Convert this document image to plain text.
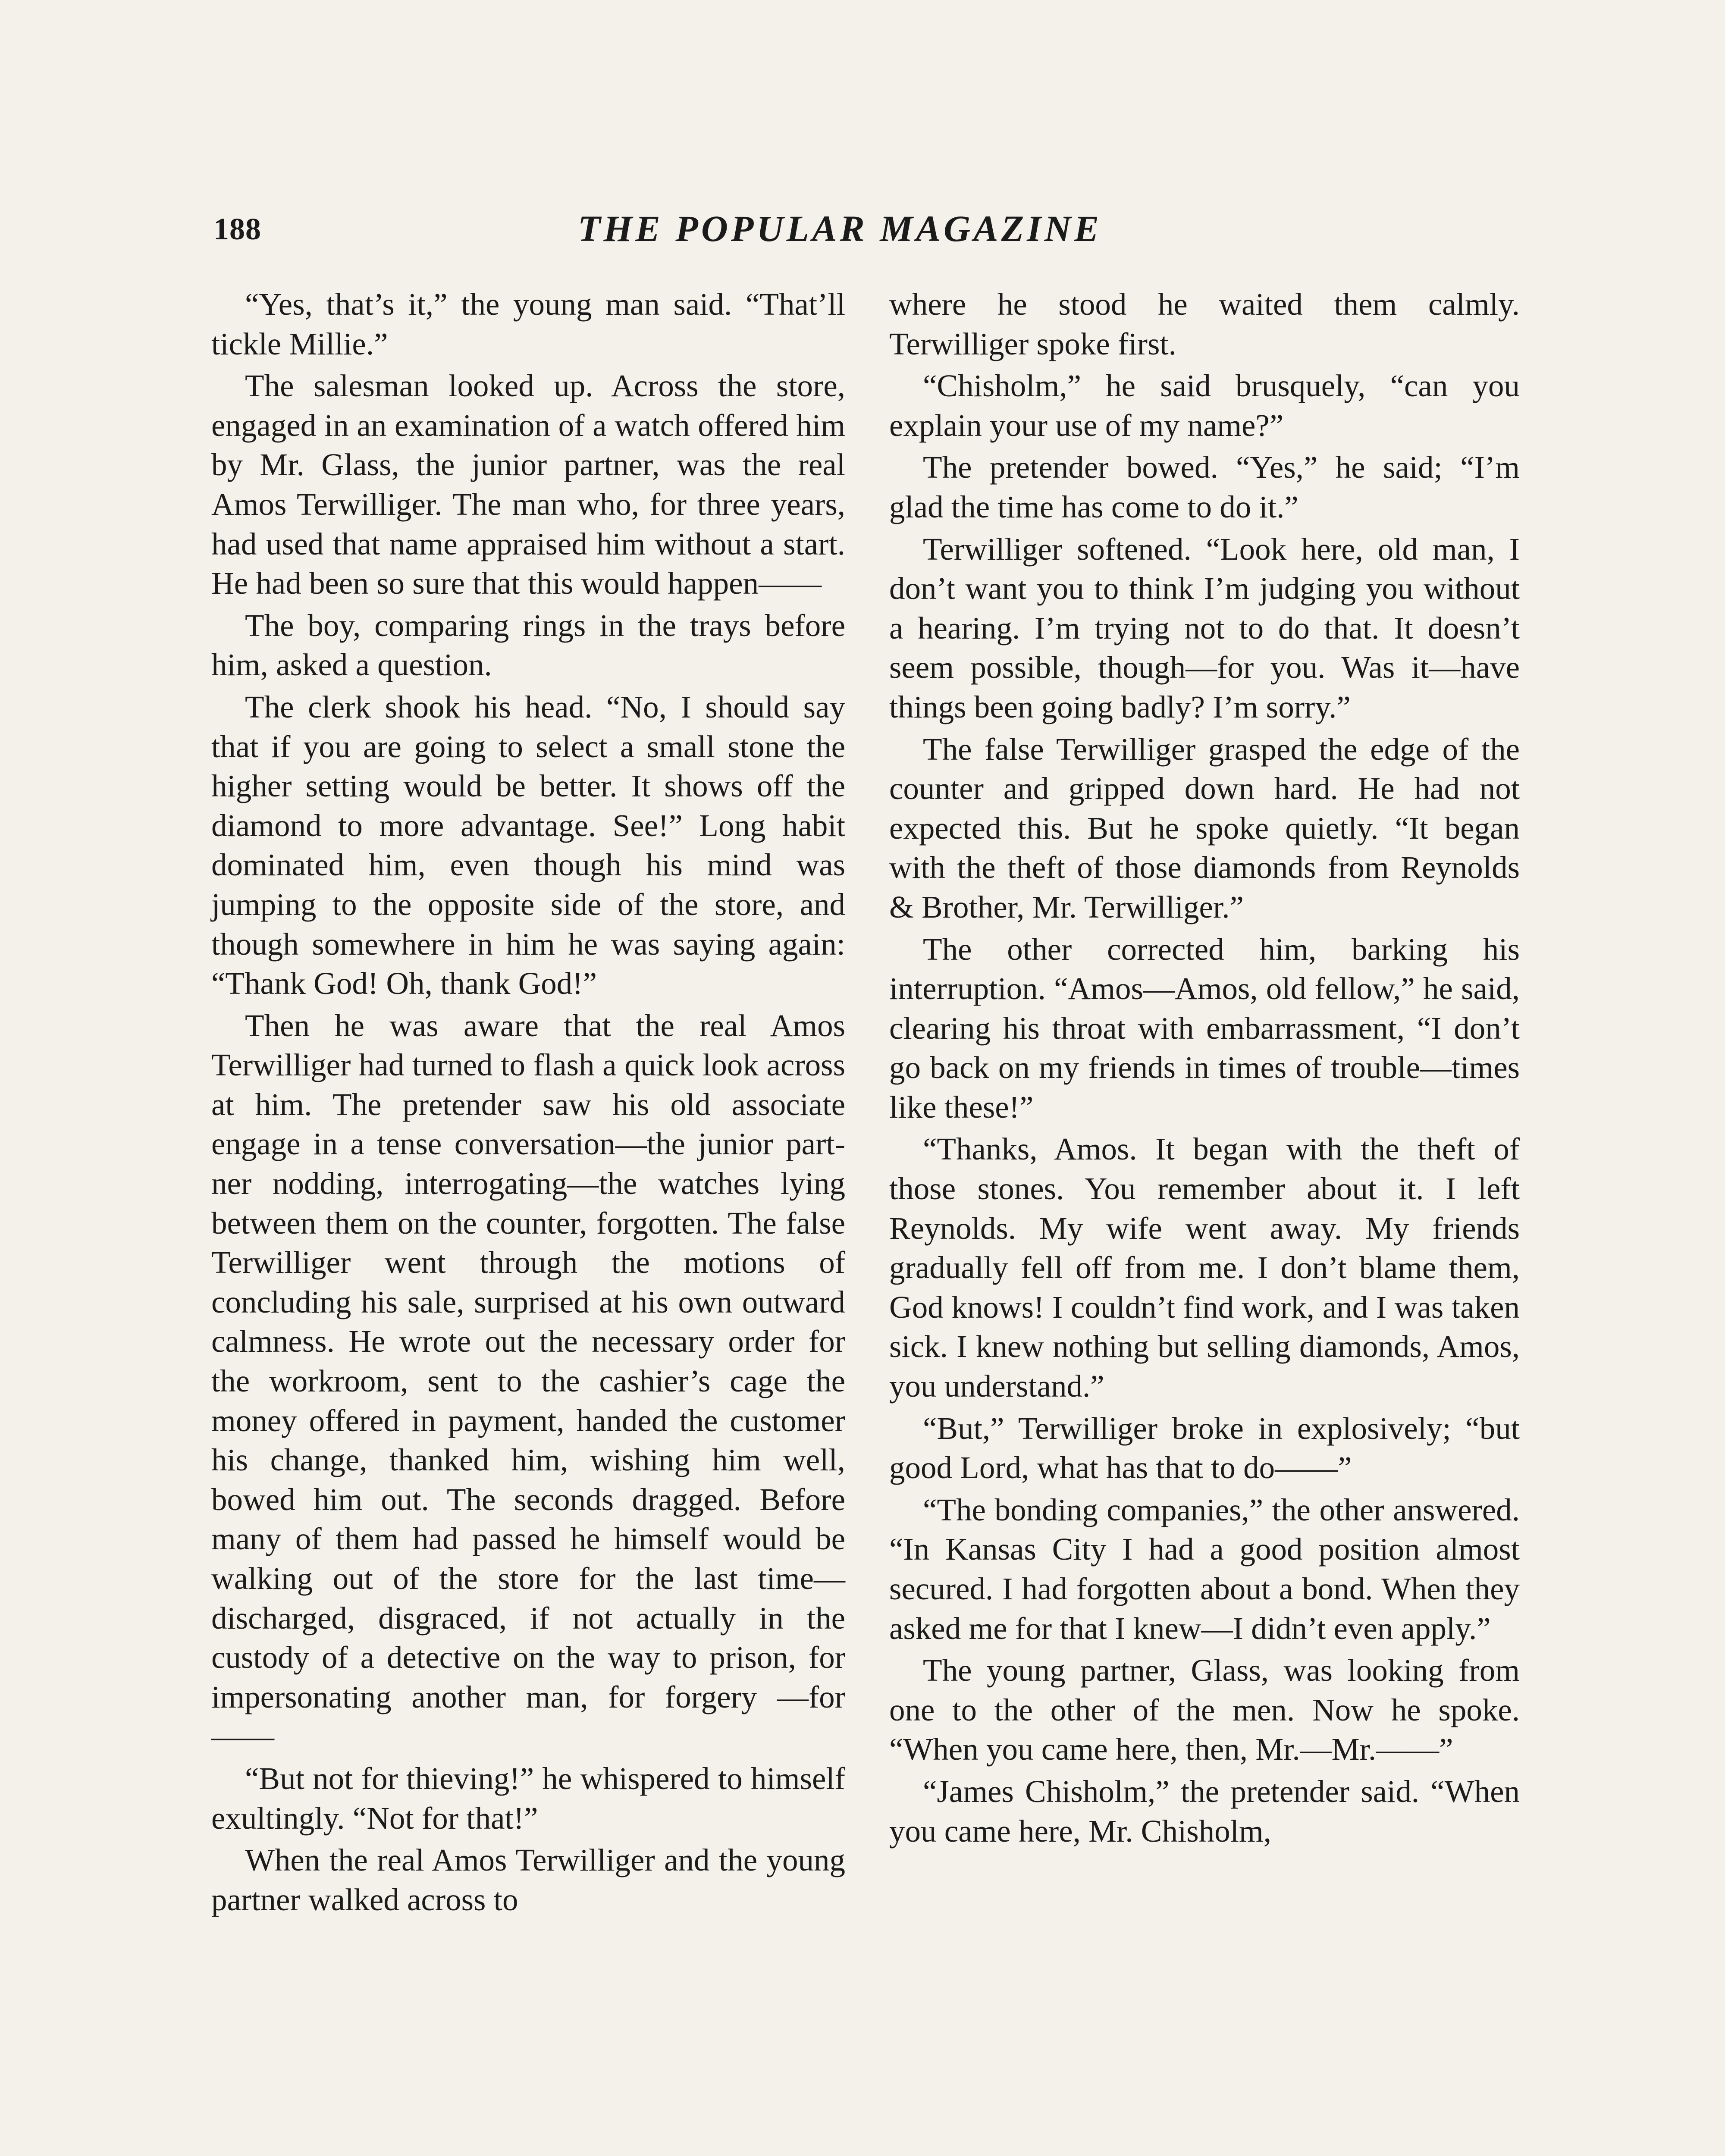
188	THE POPULAR MAGAZINE

“Yes, that’s it,” the young man said. “That’ll tickle Millie.”

The salesman looked up. Across the store, engaged in an examination of a watch offered him by Mr. Glass, the junior partner, was the real Amos Terwilliger. The man who, for three years, had used that name appraised him without a start. He had been so sure that this would happen——

The boy, comparing rings in the trays before him, asked a question.

The clerk shook his head. “No, I should say that if you are going to select a small stone the higher setting would be better. It shows off the diamond to more advantage. See!” Long habit dominated him, even though his mind was jumping to the opposite side of the store, and though somewhere in him he was saying again: “Thank God! Oh, thank God!”

Then he was aware that the real Amos Terwilliger had turned to flash a quick look across at him. The pretender saw his old associate engage in a tense conversation—the junior partner nodding, interrogating—the watches lying between them on the counter, forgotten. The false Terwilliger went through the motions of concluding his sale, surprised at his own outward calmness. He wrote out the necessary order for the workroom, sent to the cashier’s cage the money offered in payment, handed the customer his change, thanked him, wishing him well, bowed him out. The seconds dragged. Before many of them had passed he himself would be walking out of the store for the last time—discharged, disgraced, if not actually in the custody of a detective on the way to prison, for impersonating another man, for forgery —for——

“But not for thieving!” he whispered to himself exultingly. “Not for that!”

When the real Amos Terwilliger and the young partner walked across to

where he stood he waited them calmly. Terwilliger spoke first.

“Chisholm,” he said brusquely, “can you explain your use of my name?”

The pretender bowed. “Yes,” he said; “I’m glad the time has come to do it.”

Terwilliger softened. “Look here, old man, I don’t want you to think I’m judging you without a hearing. I’m trying not to do that. It doesn’t seem possible, though—for you. Was it—have things been going badly? I’m sorry.”

The false Terwilliger grasped the edge of the counter and gripped down hard. He had not expected this. But he spoke quietly. “It began with the theft of those diamonds from Reynolds & Brother, Mr. Terwilliger.”

The other corrected him, barking his interruption. “Amos—Amos, old fellow,” he said, clearing his throat with embarrassment, “I don’t go back on my friends in times of trouble—times like these!”

“Thanks, Amos. It began with the theft of those stones. You remember about it. I left Reynolds. My wife went away. My friends gradually fell off from me. I don’t blame them, God knows! I couldn’t find work, and I was taken sick. I knew nothing but selling diamonds, Amos, you understand.”

“But,” Terwilliger broke in explosively; “but good Lord, what has that to do——”

“The bonding companies,” the other answered. “In Kansas City I had a good position almost secured. I had forgotten about a bond. When they asked me for that I knew—I didn’t even apply.”

The young partner, Glass, was looking from one to the other of the men. Now he spoke. “When you came here, then, Mr.—Mr.——”

“James Chisholm,” the pretender said. “When you came here, Mr. Chisholm,
